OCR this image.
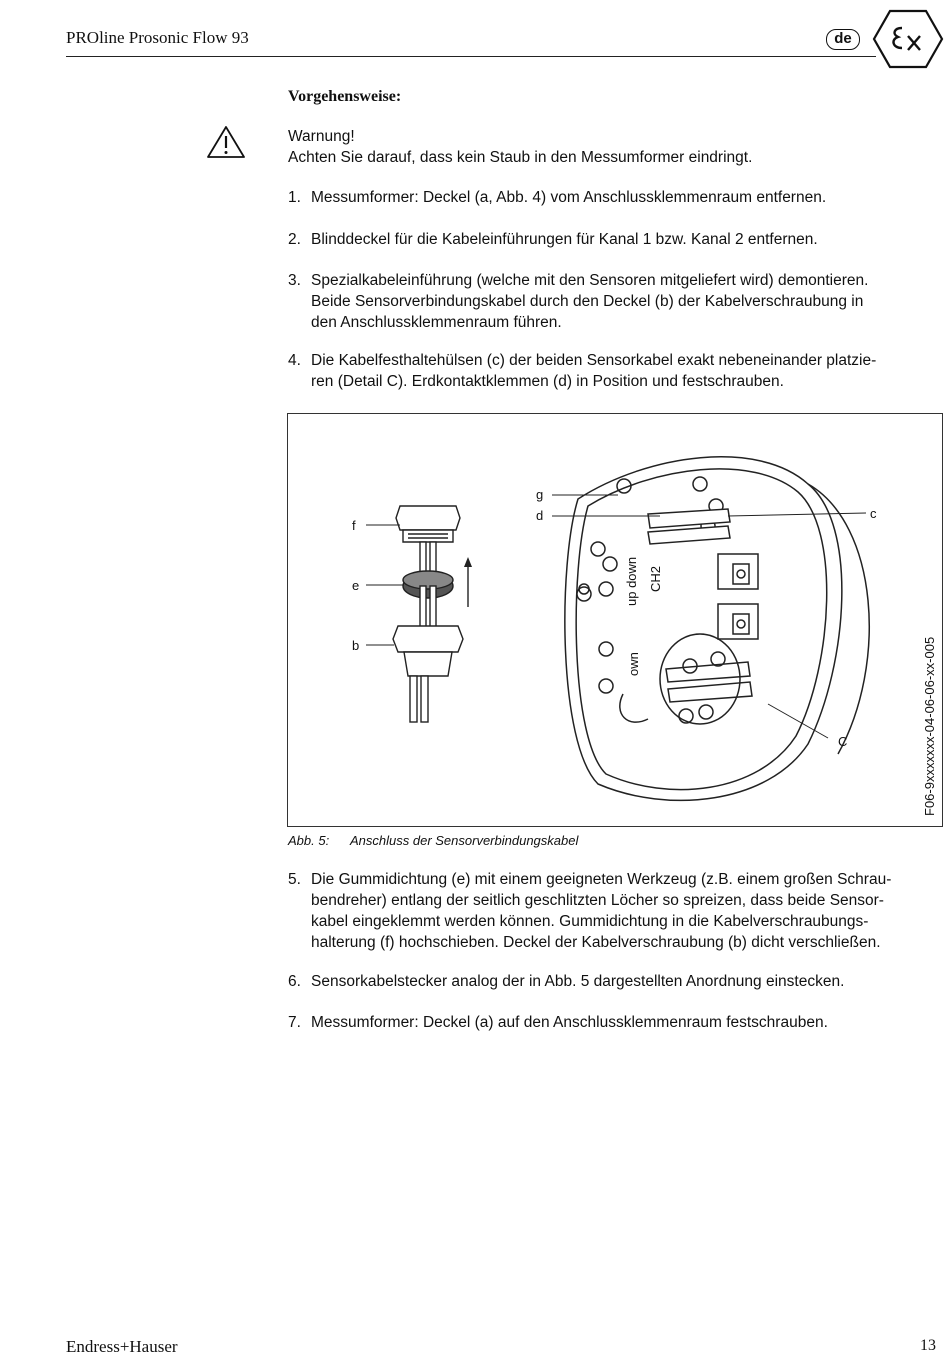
PROline Prosonic Flow 93	de
Vorgehensweise:
Warnung!
Achten Sie darauf, dass kein Staub in den Messumformer eindringt.
1. Messumformer: Deckel (a, Abb. 4) vom Anschlussklemmenraum entfernen.
2. Blinddeckel für die Kabeleinführungen für Kanal 1 bzw. Kanal 2 entfernen.
3. Spezialkabeleinführung (welche mit den Sensoren mitgeliefert wird) demontieren.
Beide Sensorverbindungskabel durch den Deckel (b) der Kabelverschraubung in
den Anschlussklemmenraum führen.
4. Die Kabelfesthaltehülsen (c) der beiden Sensorkabel exakt nebeneinander platzie-
ren (Detail C). Erdkontaktklemmen (d) in Position und festschrauben.
f
e
b
up down CH2
own
g
d	c
C	F06-9xxxxxxx-04-06-06-xx-005
Abb. 5: Anschluss der Sensorverbindungskabel
5. Die Gummidichtung (e) mit einem geeigneten Werkzeug (z.B. einem großen Schrau-
bendreher) entlang der seitlich geschlitzten Löcher so spreizen, dass beide Sensor-
kabel eingeklemmt werden können. Gummidichtung in die Kabelverschraubungs-
halterung (f) hochschieben. Deckel der Kabelverschraubung (b) dicht verschließen.
6. Sensorkabelstecker analog der in Abb. 5 dargestellten Anordnung einstecken.
7. Messumformer: Deckel (a) auf den Anschlussklemmenraum festschrauben.
Endress+Hauser	13
